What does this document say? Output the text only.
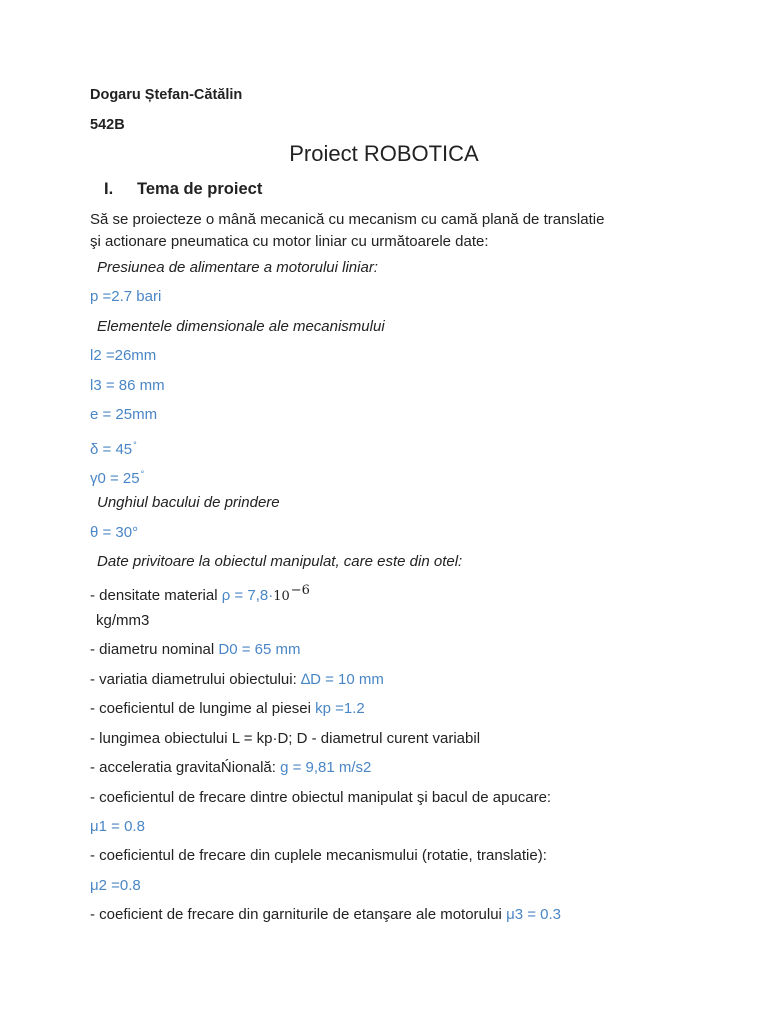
Dogaru Ștefan-Cătălin
542B
Proiect ROBOTICA
I. Tema de proiect
Să se proiecteze o mână mecanică cu mecanism cu camă plană de translatie
şi actionare pneumatica cu motor liniar cu următoarele date:
Presiunea de alimentare a motorului liniar:
p =2.7 bari
Elementele dimensionale ale mecanismului
l2 =26mm
l3 = 86 mm
e = 25mm
δ = 45°
γ0 = 25°
Unghiul bacului de prindere
θ = 30°
Date privitoare la obiectul manipulat, care este din otel:
- densitate material ρ = 7,8·10−6
kg/mm3
- diametru nominal D0 = 65 mm
- variatia diametrului obiectului: ∆D = 10 mm
- coeficientul de lungime al piesei kp =1.2
- lungimea obiectului L = kp·D; D - diametrul curent variabil
- acceleratia gravitaŃională: g = 9,81 m/s2
- coeficientul de frecare dintre obiectul manipulat şi bacul de apucare:
μ1 = 0.8
- coeficientul de frecare din cuplele mecanismului (rotatie, translatie):
μ2 =0.8
- coeficient de frecare din garniturile de etanşare ale motorului μ3 = 0.3
